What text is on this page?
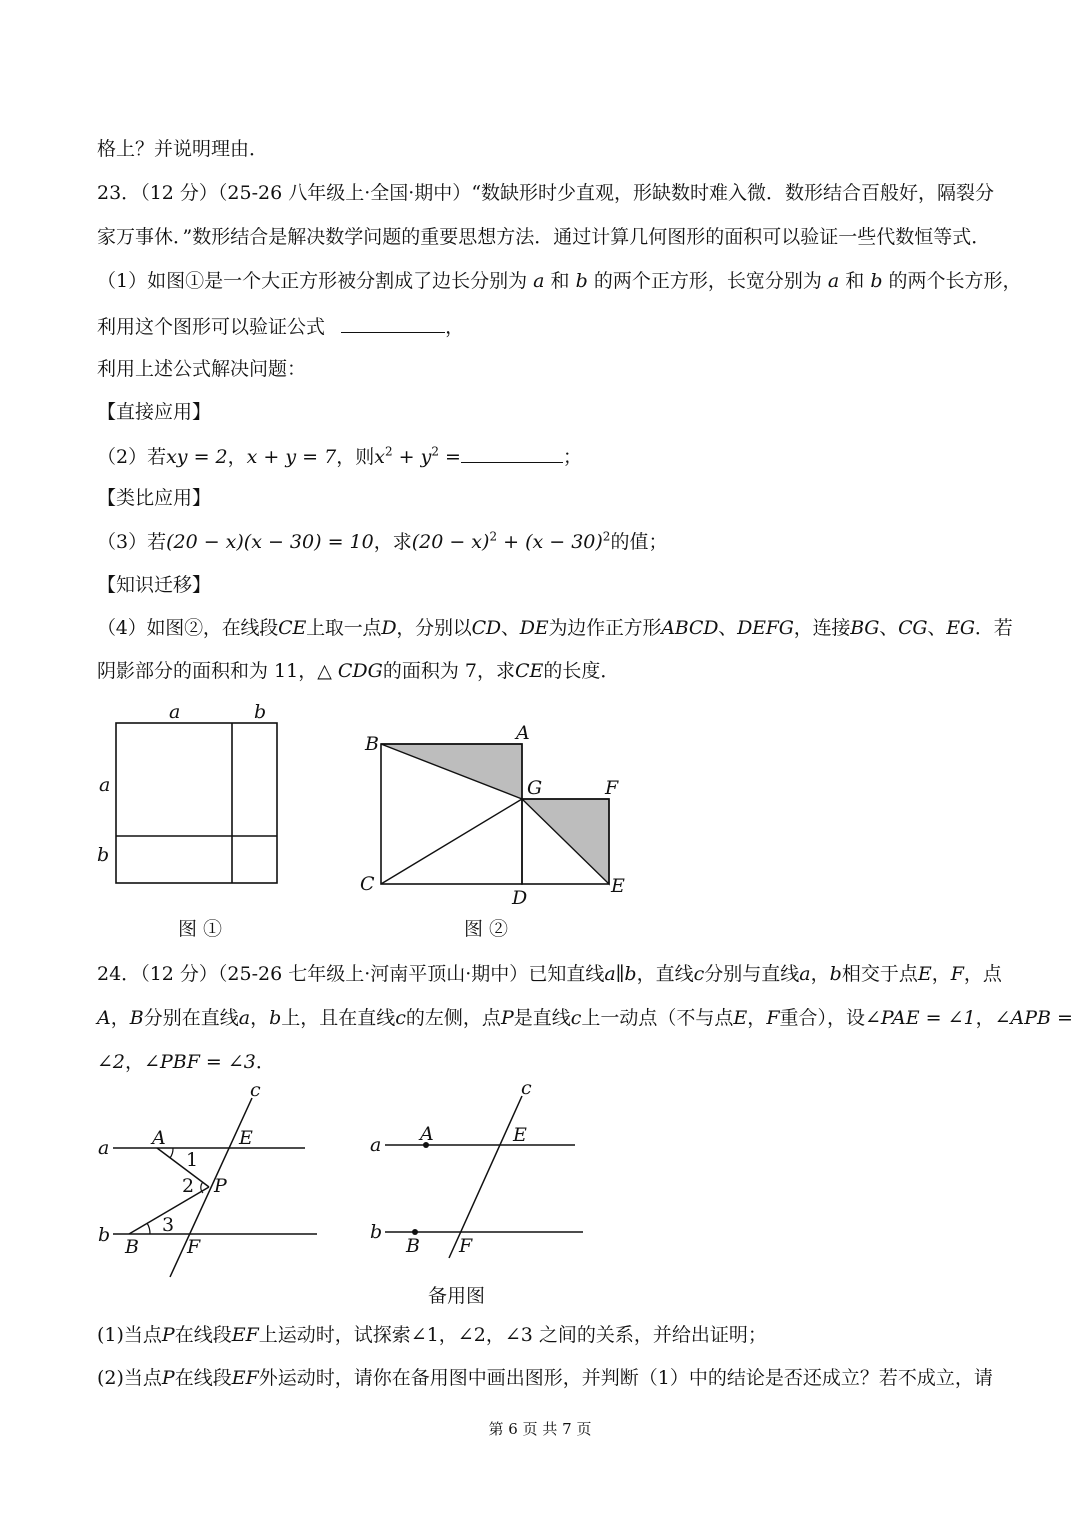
格上？并说明理由．
23．（12 分）（25-26 八年级上·全国·期中）“数缺形时少直观，形缺数时难入微．数形结合百般好，隔裂分
家万事休．”数形结合是解决数学问题的重要思想方法．通过计算几何图形的面积可以验证一些代数恒等式．
（1）如图①是一个大正方形被分割成了边长分别为 a 和 b 的两个正方形，长宽分别为 a 和 b 的两个长方形，
利用这个图形可以验证公式	，
利用上述公式解决问题：
【直接应用】
（2）若xy = 2，x + y = 7，则$x^2 + y^2$ =	；
【类比应用】
（3）若(20 − x)(x − 30) = 10，求$(20 - x)^2 + (x - 30)^2$的值；
【知识迁移】
（4）如图②，在线段CE上取一点D，分别以CD、DE为边作正方形ABCD、DEFG，连接BG、CG、EG．若
阴影部分的面积和为 11，△ CDG的面积为 7，求CE的长度．
a	b
a
b
图 ①
B	A
G	F
C
D
E
图 ②
24．（12 分）（25-26 七年级上·河南平顶山·期中）已知直线a∥b，直线c分别与直线a，b相交于点E，F，点
A，B分别在直线a，b上，且在直线c的左侧，点P是直线c上一动点（不与点E，F重合），设∠PAE = ∠1，∠APB =
∠2，∠PBF = ∠3．
c
a
b
A	E
1
2 P
3
B	F
c
a
b
A	E
B F
备用图
(1)当点P在线段EF上运动时，试探索∠1，∠2，∠3 之间的关系，并给出证明；
(2)当点P在线段EF外运动时，请你在备用图中画出图形，并判断（1）中的结论是否还成立？若不成立，请
第 6 页 共 7 页
